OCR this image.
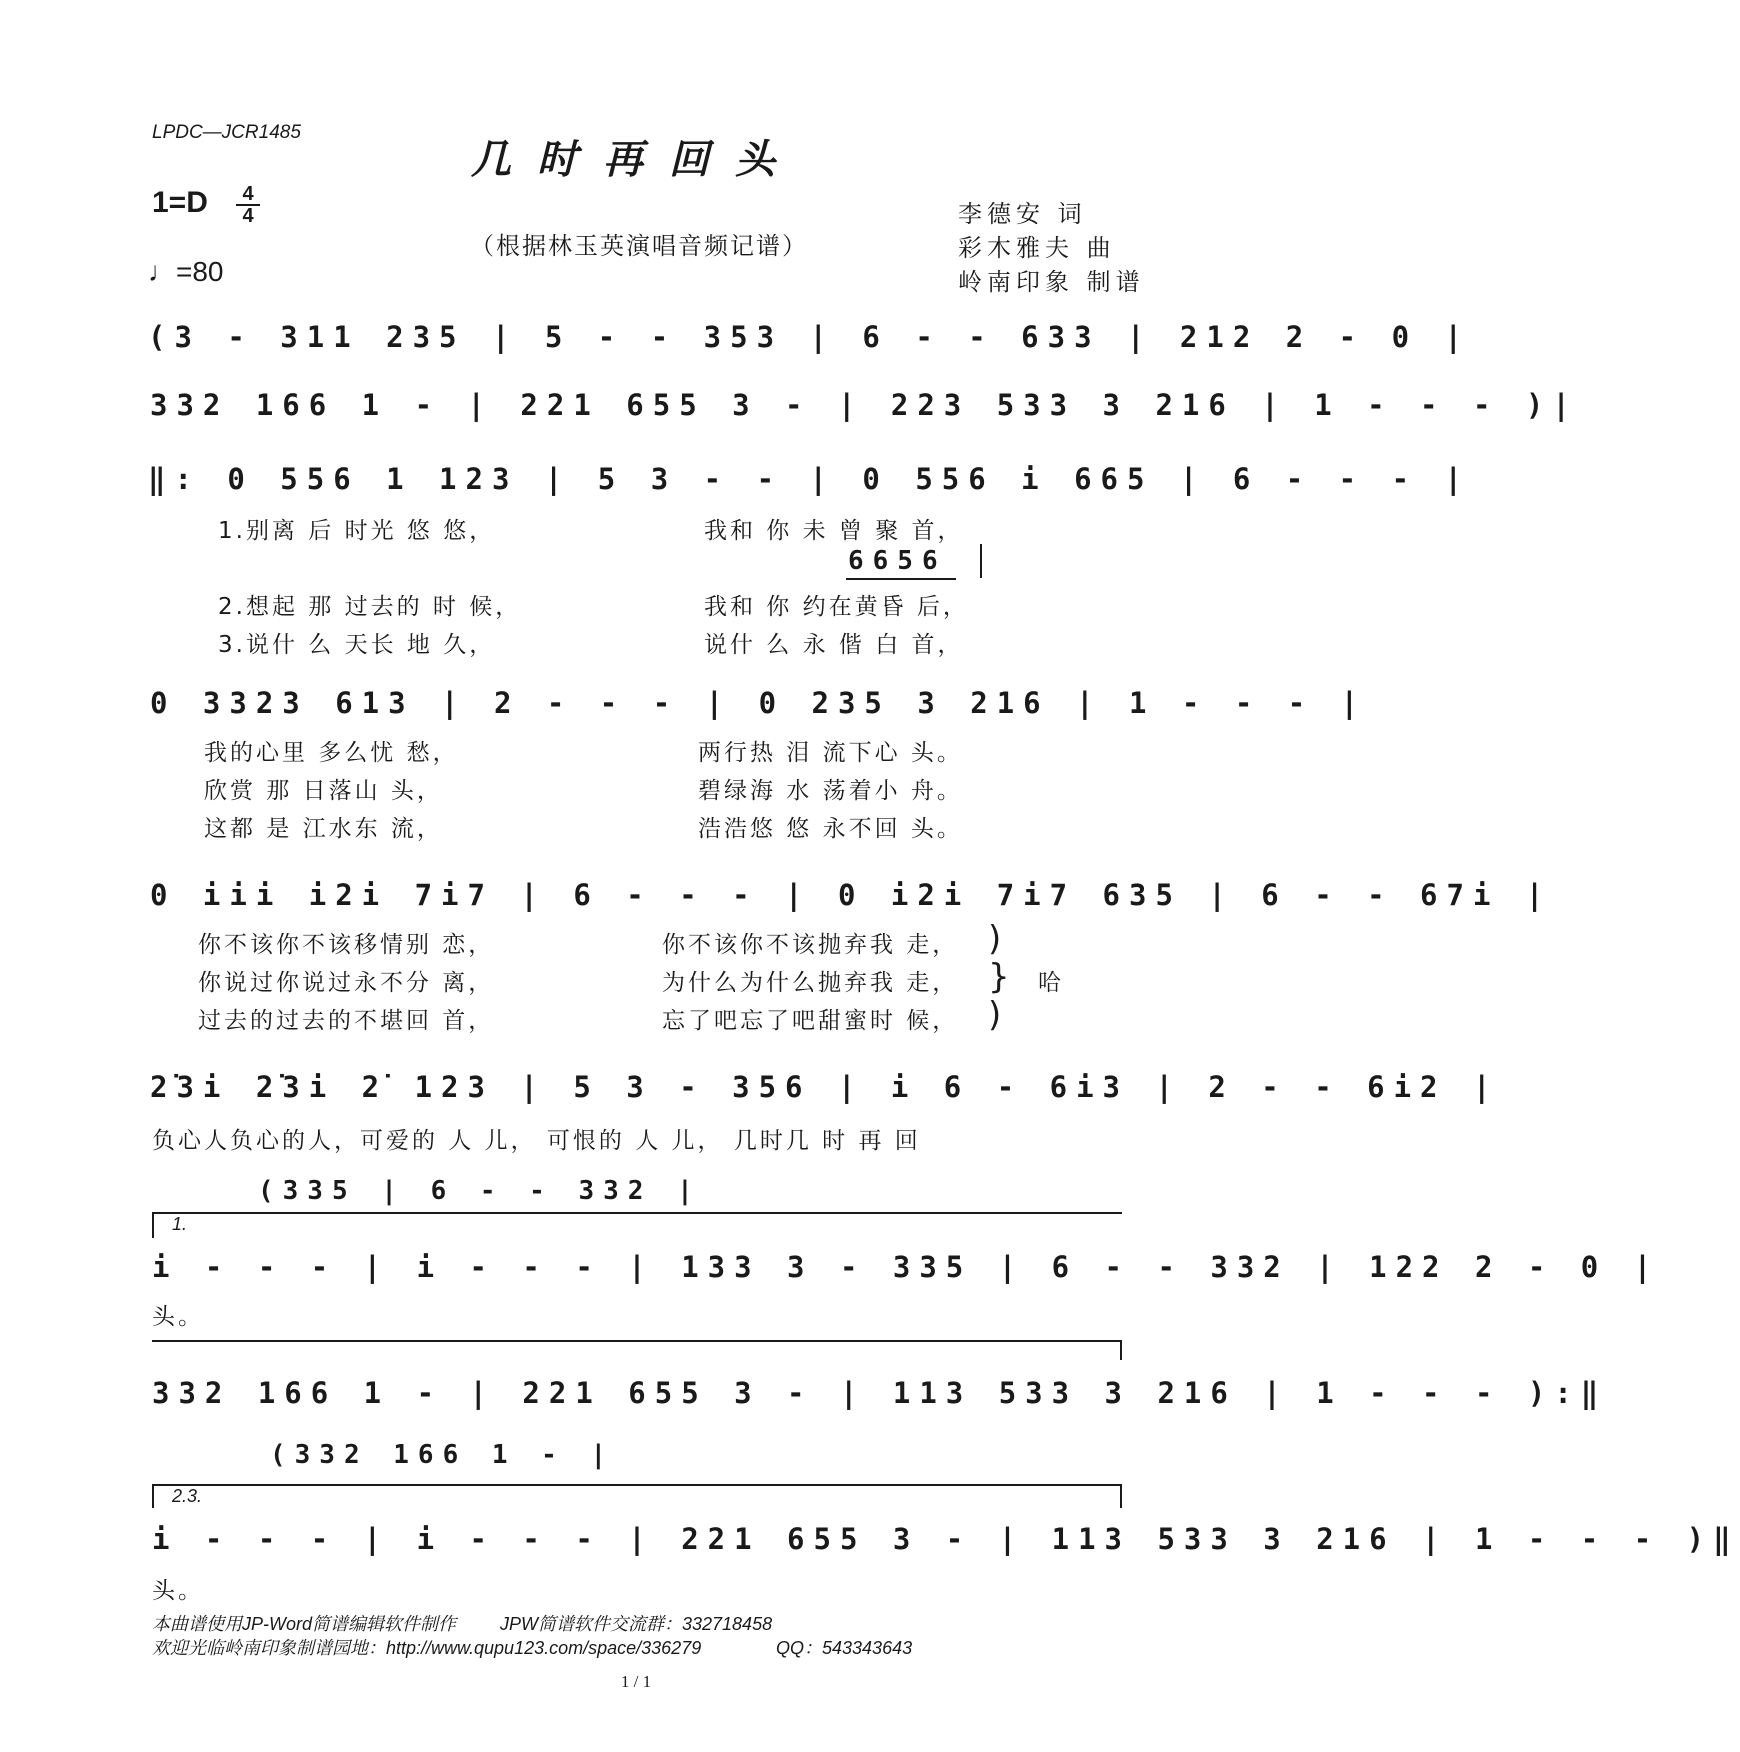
LPDC—JCR1485
几时再回头
1=D	4
4
♩=80
（根据林玉英演唱音频记谱）
李德安 词
彩木雅夫 曲
岭南印象 制谱
(3 - 311 235 | 5 - - 353 | 6 - - 633 | 212 2 - 0 |
332 166 1 - | 221 655 3 - | 223 533 3 216 | 1 - - - )|
‖: 0 556 1 123 | 5 3 - - | 0 556 i 665 | 6 - - - |
1.别离 后 时光 悠 悠，	我和 你 未 曾 聚 首，
6656
2.想起 那 过去的 时 候，	我和 你 约在黄昏 后，
3.说什 么 天长 地 久，	说什 么 永 偕 白 首，
0 3323 613 | 2 - - - | 0 235 3 216 | 1 - - - |
我的心里 多么忧 愁，	两行热 泪 流下心 头。
欣赏 那 日落山 头，	碧绿海 水 荡着小 舟。
这都 是 江水东 流，	浩浩悠 悠 永不回 头。
0 iii i2i 7i7 | 6 - - - | 0 i2i 7i7 635 | 6 - - 67i |
你不该你不该移情别 恋，	你不该你不该抛弃我 走，
你说过你说过永不分 离，	为什么为什么抛弃我 走，
过去的过去的不堪回 首，	忘了吧忘了吧甜蜜时 候，
)
}
)
哈
2̇3i 2̇3i 2̇ 123 | 5 3 - 356 | i 6 - 6i3 | 2 - - 6i2 |
负心人负心的人，可爱的 人 儿， 可恨的 人 儿， 几时几 时 再 回
(335 | 6 - - 332 |
1.
i - - - | i - - - | 133 3 - 335 | 6 - - 332 | 122 2 - 0 |
头。
332 166 1 - | 221 655 3 - | 113 533 3 216 | 1 - - - ):‖
(332 166 1 - |
2.3.
i - - - | i - - - | 221 655 3 - | 113 533 3 216 | 1 - - - )‖
头。
本曲谱使用JP-Word简谱编辑软件制作 JPW简谱软件交流群：332718458
欢迎光临岭南印象制谱园地：http://www.qupu123.com/space/336279	QQ：543343643
1 / 1
